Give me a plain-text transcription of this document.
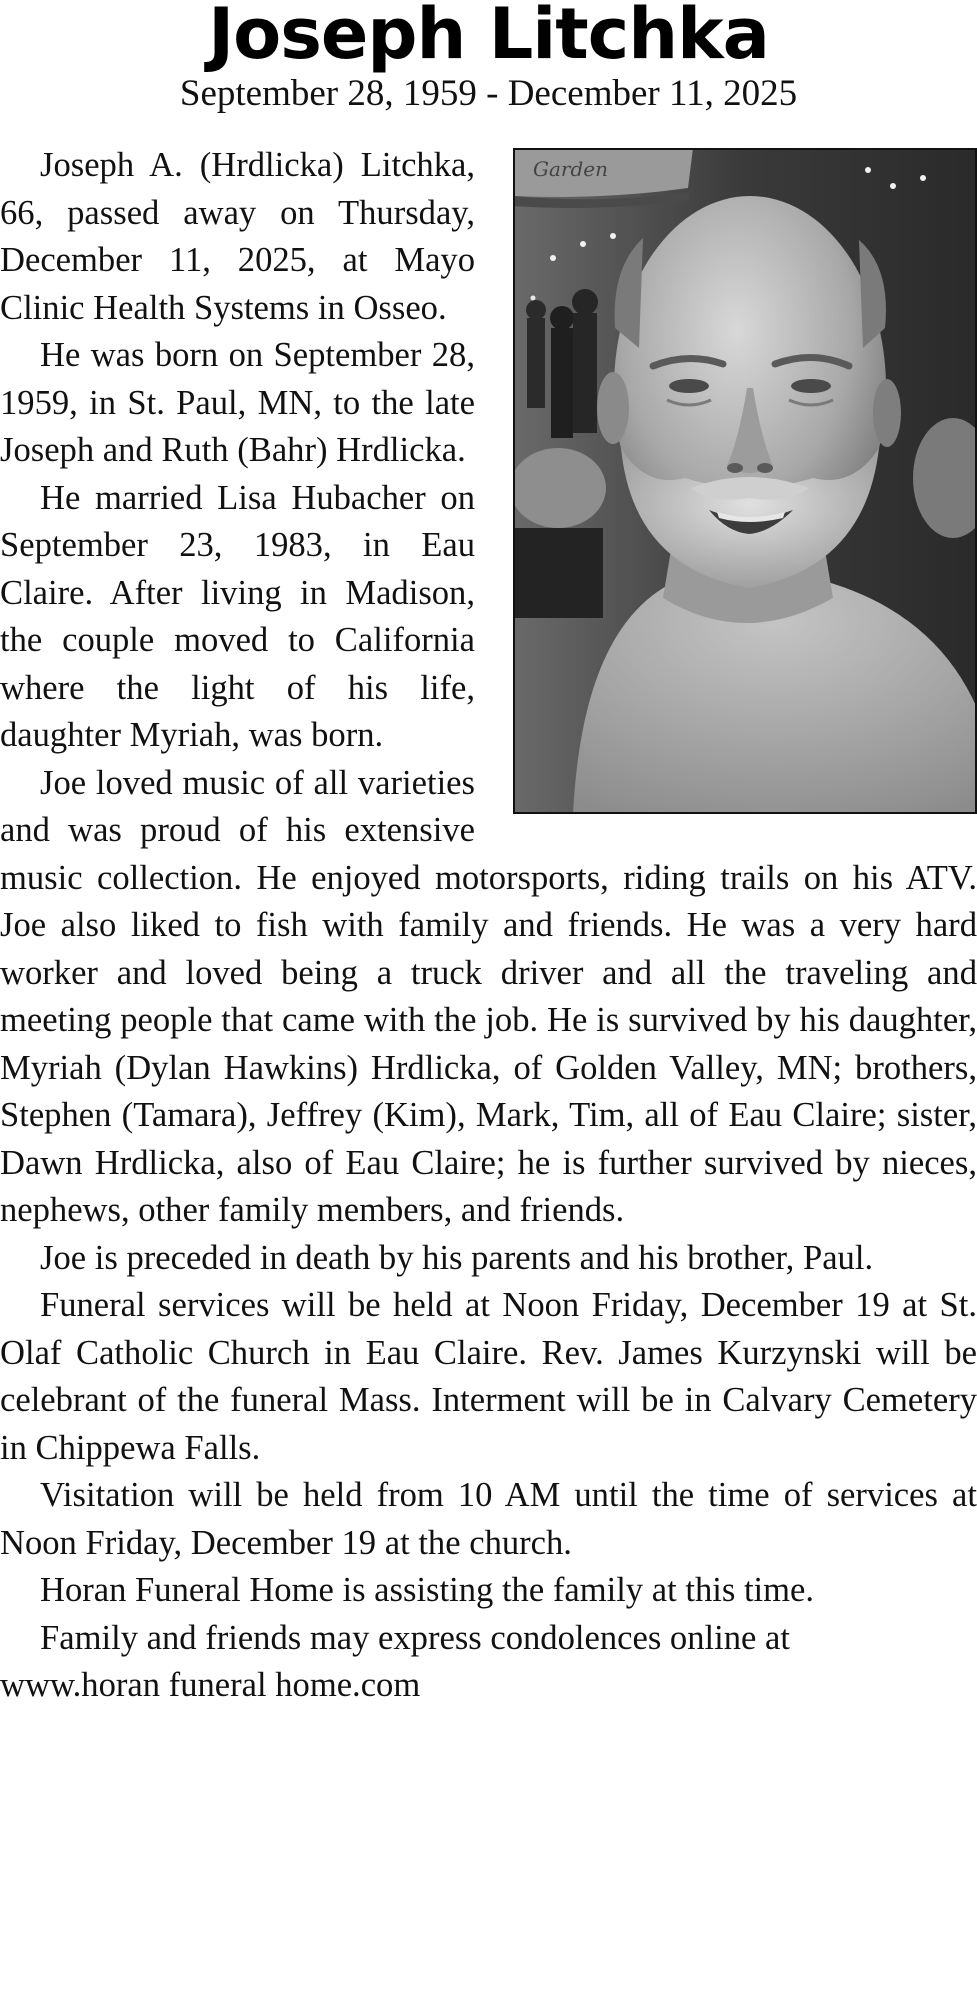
Joseph Litchka
September 28, 1959 - December 11, 2025
Garden

Joseph A. (Hrdlicka) Litchka, 66, passed away on Thursday, December 11, 2025, at Mayo Clinic Health Systems in Osseo.

He was born on September 28, 1959, in St. Paul, MN, to the late Joseph and Ruth (Bahr) Hrdlicka.

He married Lisa Hubacher on September 23, 1983, in Eau Claire. After living in Madison, the couple moved to California where the light of his life, daughter Myriah, was born.

Joe loved music of all varieties and was proud of his extensive music collection. He enjoyed motorsports, riding trails on his ATV. Joe also liked to fish with family and friends. He was a very hard worker and loved being a truck driver and all the traveling and meeting people that came with the job. He is survived by his daughter, Myriah (Dylan Hawkins) Hrdlicka, of Golden Valley, MN; brothers, Stephen (Tamara), Jeffrey (Kim), Mark, Tim, all of Eau Claire; sister, Dawn Hrdlicka, also of Eau Claire; he is further survived by nieces, nephews, other family members, and friends.

Joe is preceded in death by his parents and his brother, Paul.

Funeral services will be held at Noon Friday, December 19 at St. Olaf Catholic Church in Eau Claire. Rev. James Kurzynski will be celebrant of the funeral Mass. Interment will be in Calvary Cemetery in Chippewa Falls.

Visitation will be held from 10 AM until the time of services at Noon Friday, December 19 at the church.

Horan Funeral Home is assisting the family at this time.

Family and friends may express condolences online at

www.horan funeral home.com
